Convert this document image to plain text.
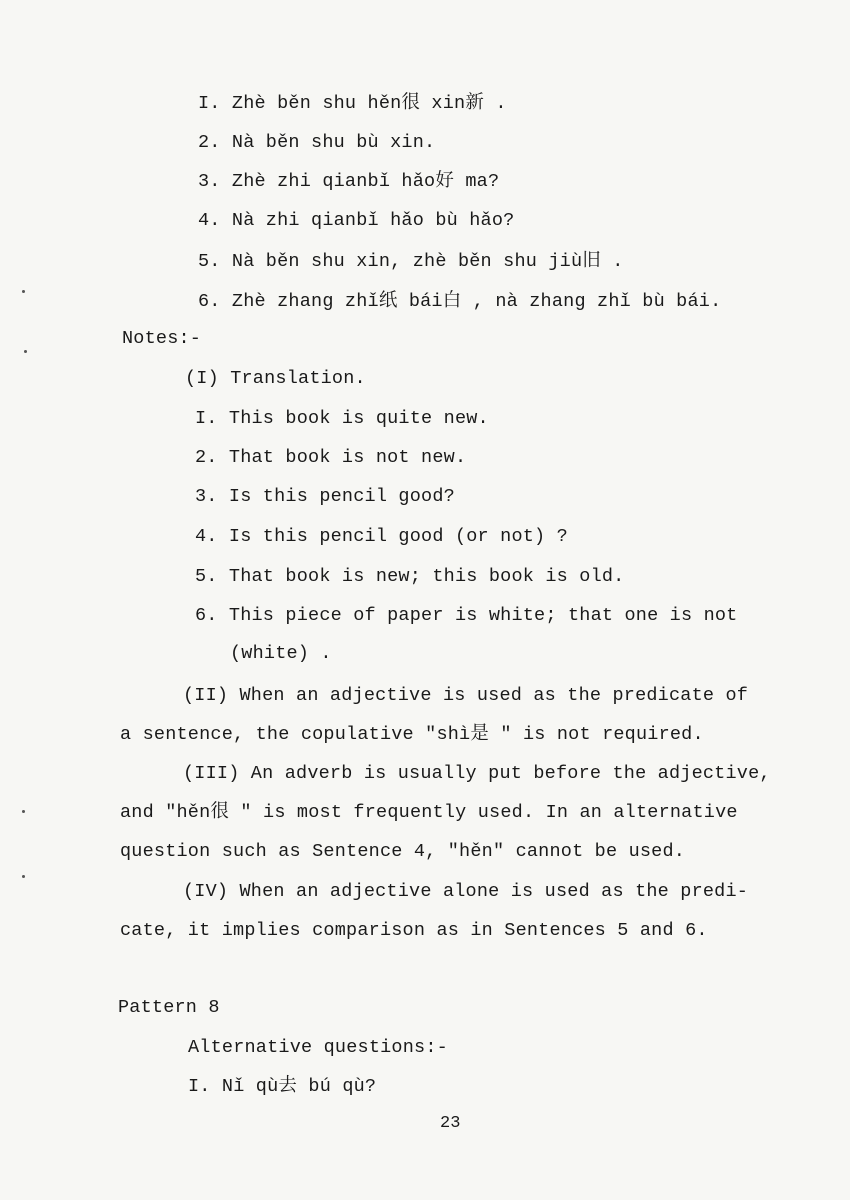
I. Zhè běn shu hěn很 xin新 .
2. Nà běn shu bù xin.
3. Zhè zhi qianbǐ hǎo好 ma?
4. Nà zhi qianbǐ hǎo bù hǎo?
5. Nà běn shu xin, zhè běn shu jiù旧 .
6. Zhè zhang zhǐ纸 bái白 , nà zhang zhǐ bù bái.
Notes:-
(I) Translation.
I. This book is quite new.
2. That book is not new.
3. Is this pencil good?
4. Is this pencil good (or not) ?
5. That book is new; this book is old.
6. This piece of paper is white; that one is not
(white) .
(II) When an adjective is used as the predicate of
a sentence, the copulative "shì是 " is not required.
(III) An adverb is usually put before the adjective,
and "hěn很 " is most frequently used. In an alternative
question such as Sentence 4, "hěn" cannot be used.
(IV) When an adjective alone is used as the predi-
cate, it implies comparison as in Sentences 5 and 6.
Pattern 8
Alternative questions:-
I. Nǐ qù去 bú qù?
23
